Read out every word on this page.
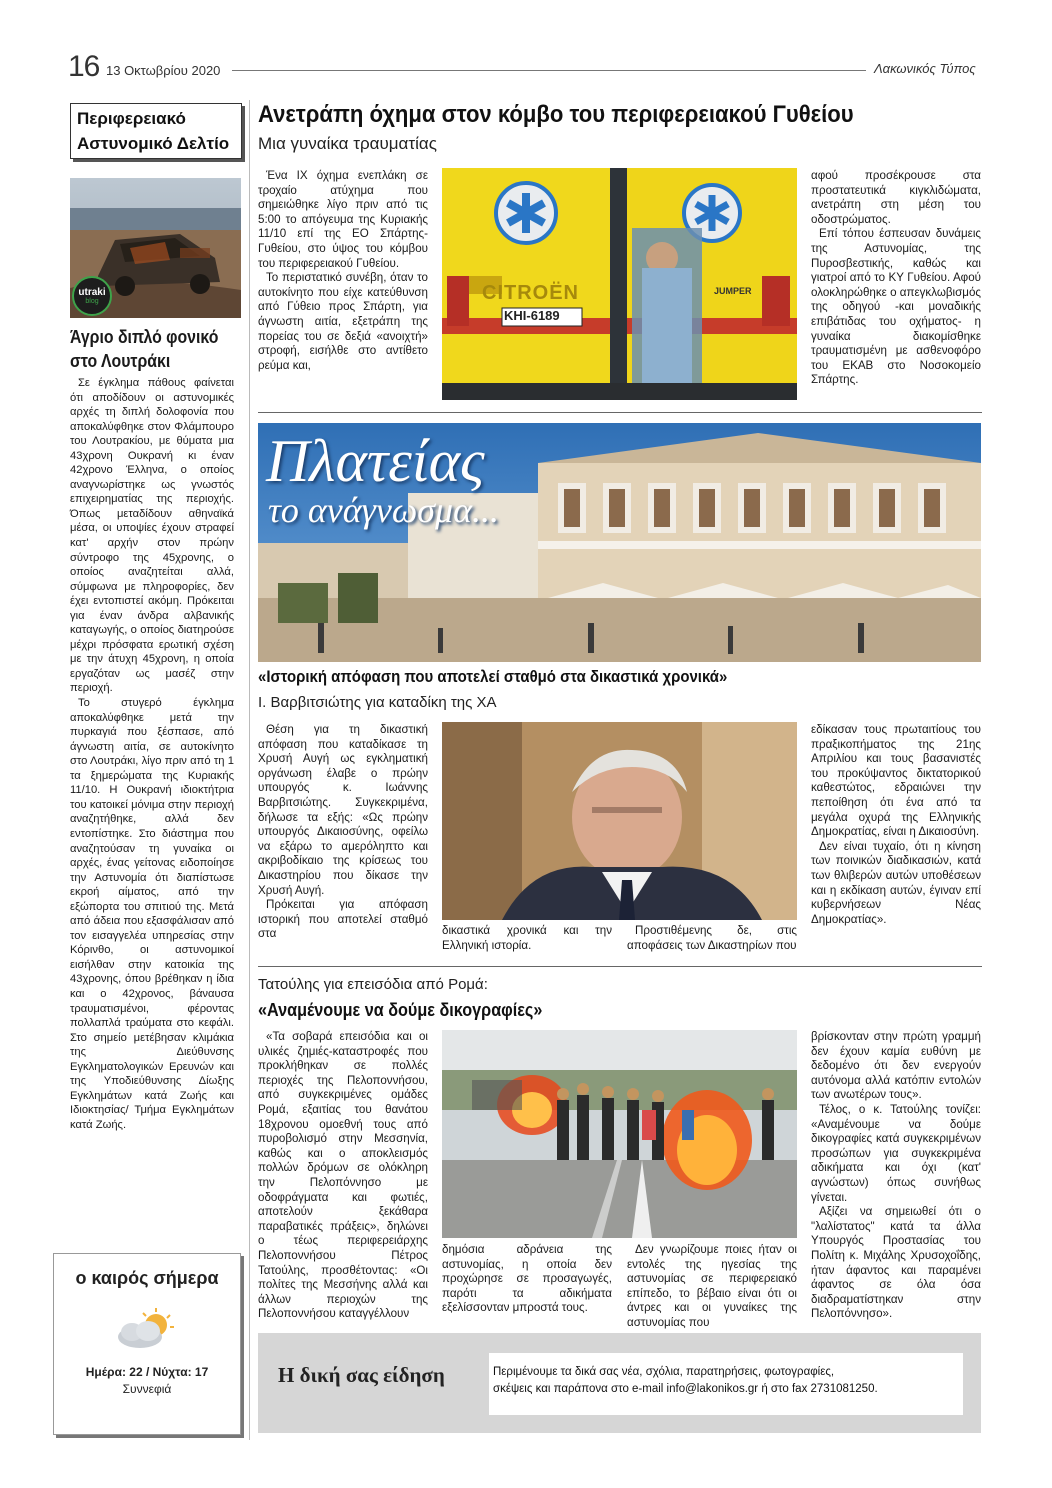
16 13 Οκτωβρίου 2020	Λακωνικός Τύπος
Περιφερειακό
Αστυνομικό Δελτίο
utraki
blog
Άγριο διπλό φονικό
στο Λουτράκι

Σε έγκλημα πάθους φαίνεται ότι αποδίδουν οι αστυνομικές αρχές τη διπλή δολοφονία που αποκαλύφθηκε στον Φλάμπουρο του Λουτρακίου, με θύματα μια 43χρονη Ουκρανή κι έναν 42χρονο Έλληνα, ο οποίος αναγνωρίστηκε ως γνωστός επιχειρηματίας της περιοχής. Όπως μεταδίδουν αθηναϊκά μέσα, οι υποψίες έχουν στραφεί κατ' αρχήν στον πρώην σύντροφο της 45χρονης, ο οποίος αναζητείται αλλά, σύμφωνα με πληροφορίες, δεν έχει εντοπιστεί ακόμη. Πρόκειται για έναν άνδρα αλβανικής καταγωγής, ο οποίος διατηρούσε μέχρι πρόσφατα ερωτική σχέση με την άτυχη 45χρονη, η οποία εργαζόταν ως μασέζ στην περιοχή.

Το στυγερό έγκλημα αποκαλύφθηκε μετά την πυρκαγιά που ξέσπασε, από άγνωστη αιτία, σε αυτοκίνητο στο Λουτράκι, λίγο πριν από τη 1 τα ξημερώματα της Κυριακής 11/10. Η Ουκρανή ιδιοκτήτρια του κατοικεί μόνιμα στην περιοχή αναζητήθηκε, αλλά δεν εντοπίστηκε. Στο διάστημα που αναζητούσαν τη γυναίκα οι αρχές, ένας γείτονας ειδοποίησε την Αστυνομία ότι διαπίστωσε εκροή αίματος, από την εξώπορτα του σπιτιού της. Μετά από άδεια που εξασφάλισαν από τον εισαγγελέα υπηρεσίας στην Κόρινθο, οι αστυνομικοί εισήλθαν στην κατοικία της 43χρονης, όπου βρέθηκαν η ίδια και ο 42χρονος, βάναυσα τραυματισμένοι, φέροντας πολλαπλά τραύματα στο κεφάλι. Στο σημείο μετέβησαν κλιμάκια της Διεύθυνσης Εγκληματολογικών Ερευνών και της Υποδιεύθυνσης Δίωξης Εγκλημάτων κατά Ζωής και Ιδιοκτησίας/ Τμήμα Εγκλημάτων κατά Ζωής.

ο καιρός σήμερα
Ημέρα: 22 / Νύχτα: 17
Συννεφιά
Ανετράπη όχημα στον κόμβο του περιφερειακού Γυθείου
Μια γυναίκα τραυματίας

Ένα ΙΧ όχημα ενεπλάκη σε τροχαίο ατύχημα που σημειώθηκε λίγο πριν από τις 5:00 το απόγευμα της Κυριακής 11/10 επί της ΕΟ Σπάρτης-Γυθείου, στο ύψος του κόμβου του περιφερειακού Γυθείου.

Το περιστατικό συνέβη, όταν το αυτοκίνητο που είχε κατεύθυνση από Γύθειο προς Σπάρτη, για άγνωστη αιτία, εξετράπη της πορείας του σε δεξιά «ανοιχτή» στροφή, εισήλθε στο αντίθετο ρεύμα και,

CITROËN
ΚΗΙ-6189
JUMPER

αφού προσέκρουσε στα προστατευτικά κιγκλιδώματα, ανετράπη στη μέση του οδοστρώματος.

Επί τόπου έσπευσαν δυνάμεις της Αστυνομίας, της Πυροσβεστικής, καθώς και γιατροί από το ΚΥ Γυθείου. Αφού ολοκληρώθηκε ο απεγκλωβισμός της οδηγού -και μοναδικής επιβάτιδας του οχήματος- η γυναίκα διακομίσθηκε τραυματισμένη με ασθενοφόρο του ΕΚΑΒ στο Νοσοκομείο Σπάρτης.

Πλατείας
το ανάγνωσμα...
«Ιστορική απόφαση που αποτελεί σταθμό στα δικαστικά χρονικά»
Ι. Βαρβιτσιώτης για καταδίκη της ΧΑ

Θέση για τη δικαστική απόφαση που καταδίκασε τη Χρυσή Αυγή ως εγκληματική οργάνωση έλαβε ο πρώην υπουργός κ. Ιωάννης Βαρβιτσιώτης. Συγκεκριμένα, δήλωσε τα εξής: «Ως πρώην υπουργός Δικαιοσύνης, οφείλω να εξάρω το αμερόληπτο και ακριβοδίκαιο της κρίσεως του Δικαστηρίου που δίκασε την Χρυσή Αυγή.

Πρόκειται για απόφαση ιστορική που αποτελεί σταθμό στα	δικαστικά χρονικά και την Ελληνική ιστορία.
Προστιθέμενης δε, στις αποφάσεις των Δικαστηρίων που

εδίκασαν τους πρωταιτίους του πραξικοπήματος της 21ης Απριλίου και τους βασανιστές του προκύψαντος δικτατορικού καθεστώτος, εδραιώνει την πεποίθηση ότι ένα από τα μεγάλα οχυρά της Ελληνικής Δημοκρατίας, είναι η Δικαιοσύνη.

Δεν είναι τυχαίο, ότι η κίνηση των ποινικών διαδικασιών, κατά των θλιβερών αυτών υποθέσεων και η εκδίκαση αυτών, έγιναν επί κυβερνήσεων Νέας Δημοκρατίας».

Τατούλης για επεισόδια από Ρομά:
«Αναμένουμε να δούμε δικογραφίες»

«Τα σοβαρά επεισόδια και οι υλικές ζημιές-καταστροφές που προκλήθηκαν σε πολλές περιοχές της Πελοποννήσου, από συγκεκριμένες ομάδες Ρομά, εξαιτίας του θανάτου 18χρονου ομοεθνή τους από πυροβολισμό στην Μεσσηνία, καθώς και ο αποκλεισμός πολλών δρόμων σε ολόκληρη την Πελοπόννησο με οδοφράγματα και φωτιές, αποτελούν ξεκάθαρα παραβατικές πράξεις», δηλώνει ο τέως περιφερειάρχης Πελοποννήσου Πέτρος Τατούλης, προσθέτοντας: «Οι πολίτες της Μεσσήνης αλλά και άλλων περιοχών της Πελοποννήσου καταγγέλλουν

δημόσια αδράνεια της αστυνομίας, η οποία δεν προχώρησε σε προσαγωγές, παρότι τα αδικήματα εξελίσσονταν μπροστά τους.
Δεν γνωρίζουμε ποιες ήταν οι εντολές της ηγεσίας της αστυνομίας σε περιφερειακό επίπεδο, το βέβαιο είναι ότι οι άντρες και οι γυναίκες της αστυνομίας που

βρίσκονταν στην πρώτη γραμμή δεν έχουν καμία ευθύνη με δεδομένο ότι δεν ενεργούν αυτόνομα αλλά κατόπιν εντολών των ανωτέρων τους».

Τέλος, ο κ. Τατούλης τονίζει: «Αναμένουμε να δούμε δικογραφίες κατά συγκεκριμένων προσώπων για συγκεκριμένα αδικήματα και όχι (κατ' αγνώστων) όπως συνήθως γίνεται.

Αξίζει να σημειωθεί ότι ο "λαλίστατος" κατά τα άλλα Υπουργός Προστασίας του Πολίτη κ. Μιχάλης Χρυσοχοΐδης, ήταν άφαντος και παραμένει άφαντος σε όλα όσα διαδραματίστηκαν στην Πελοπόννησο».

Η δική σας είδηση	Περιμένουμε τα δικά σας νέα, σχόλια, παρατηρήσεις, φωτογραφίες,
σκέψεις και παράπονα στο e-mail info@lakonikos.gr ή στο fax 2731081250.
